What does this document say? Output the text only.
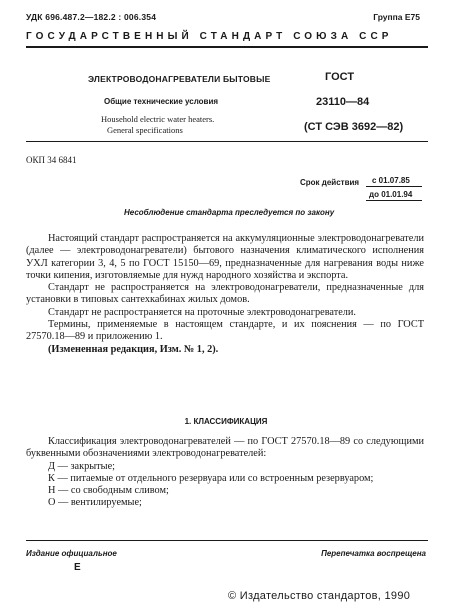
УДК 696.487.2—182.2 : 006.354	Группа Е75
ГОСУДАРСТВЕННЫЙ СТАНДАРТ СОЮЗА ССР
ЭЛЕКТРОВОДОНАГРЕВАТЕЛИ БЫТОВЫЕ
Общие технические условия
Household electric water heaters.
General specifications
ГОСТ
23110—84
(СТ СЭВ 3692—82)
ОКП 34 6841
Срок действия с 01.07.85
до 01.01.94
Несоблюдение стандарта преследуется по закону

Настоящий стандарт распространяется на аккумуляционные электроводонагреватели (далее — электроводонагреватели) бытового назначения климатического исполнения УХЛ категории 3, 4, 5 по ГОСТ 15150—69, предназначенные для нагревания воды ниже точки кипения, изготовляемые для нужд народного хозяйства и экспорта.

Стандарт не распространяется на электроводонагреватели, предназначенные для установки в типовых сантехкабинах жилых домов.

Стандарт не распространяется на проточные электроводонагреватели.

Термины, применяемые в настоящем стандарте, и их пояснения — по ГОСТ 27570.18—89 и приложению 1.

(Измененная редакция, Изм. № 1, 2).

1. КЛАССИФИКАЦИЯ

Классификация электроводонагревателей — по ГОСТ 27570.18—89 со следующими буквенными обозначениями электроводонагревателей:

Д — закрытые;

К — питаемые от отдельного резервуара или со встроенным резервуаром;

Н — со свободным сливом;

О — вентилируемые;

Издание официальное	Перепечатка воспрещена
Е
© Издательство стандартов, 1990
